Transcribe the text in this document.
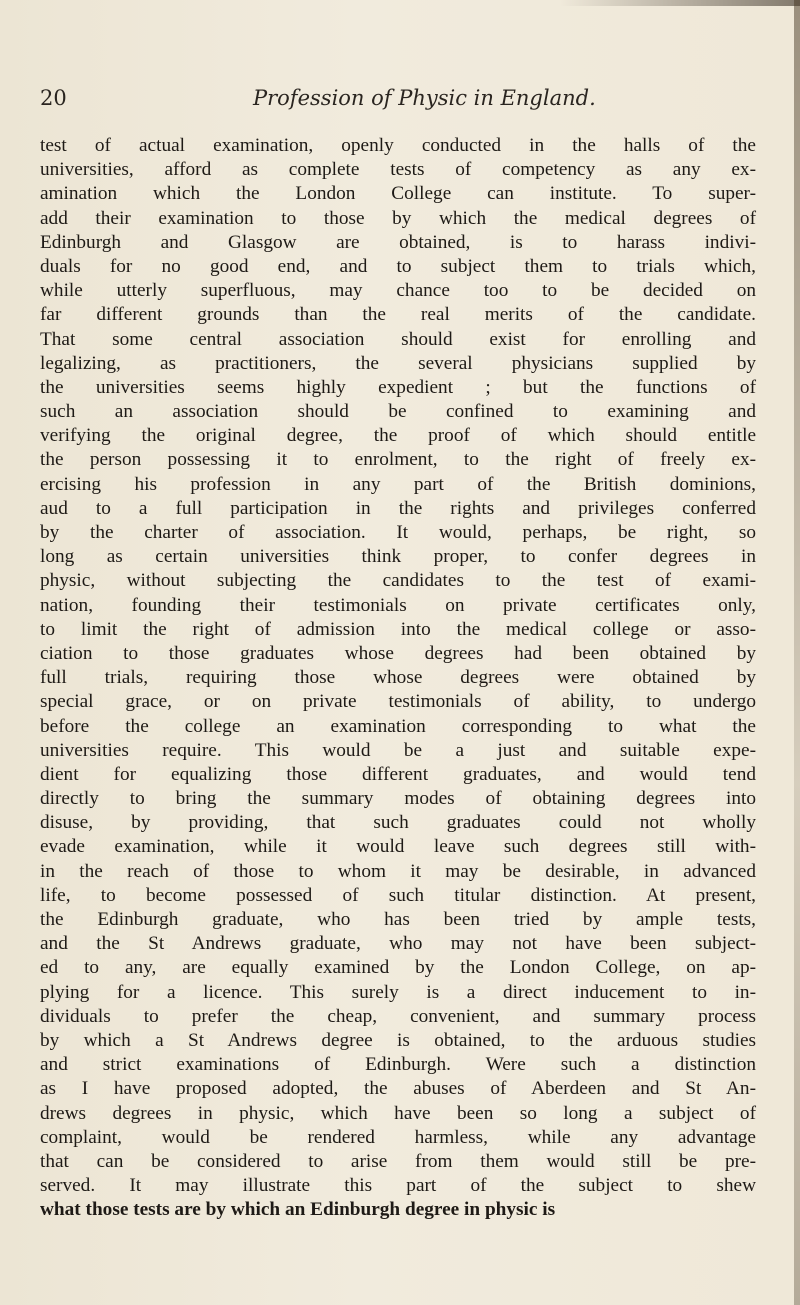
20	Profession of Physic in England.
test of actual examination, openly conducted in the halls of the
universities, afford as complete tests of competency as any ex-
amination which the London College can institute. To super-
add their examination to those by which the medical degrees of
Edinburgh and Glasgow are obtained, is to harass indivi-
duals for no good end, and to subject them to trials which,
while utterly superfluous, may chance too to be decided on
far different grounds than the real merits of the candidate.
That some central association should exist for enrolling and
legalizing, as practitioners, the several physicians supplied by
the universities seems highly expedient ; but the functions of
such an association should be confined to examining and
verifying the original degree, the proof of which should entitle
the person possessing it to enrolment, to the right of freely ex-
ercising his profession in any part of the British dominions,
aud to a full participation in the rights and privileges conferred
by the charter of association. It would, perhaps, be right, so
long as certain universities think proper, to confer degrees in
physic, without subjecting the candidates to the test of exami-
nation, founding their testimonials on private certificates only,
to limit the right of admission into the medical college or asso-
ciation to those graduates whose degrees had been obtained by
full trials, requiring those whose degrees were obtained by
special grace, or on private testimonials of ability, to undergo
before the college an examination corresponding to what the
universities require. This would be a just and suitable expe-
dient for equalizing those different graduates, and would tend
directly to bring the summary modes of obtaining degrees into
disuse, by providing, that such graduates could not wholly
evade examination, while it would leave such degrees still with-
in the reach of those to whom it may be desirable, in advanced
life, to become possessed of such titular distinction. At present,
the Edinburgh graduate, who has been tried by ample tests,
and the St Andrews graduate, who may not have been subject-
ed to any, are equally examined by the London College, on ap-
plying for a licence. This surely is a direct inducement to in-
dividuals to prefer the cheap, convenient, and summary process
by which a St Andrews degree is obtained, to the arduous studies
and strict examinations of Edinburgh. Were such a distinction
as I have proposed adopted, the abuses of Aberdeen and St An-
drews degrees in physic, which have been so long a subject of
complaint, would be rendered harmless, while any advantage
that can be considered to arise from them would still be pre-
served. It may illustrate this part of the subject to shew
what those tests are by which an Edinburgh degree in physic is
